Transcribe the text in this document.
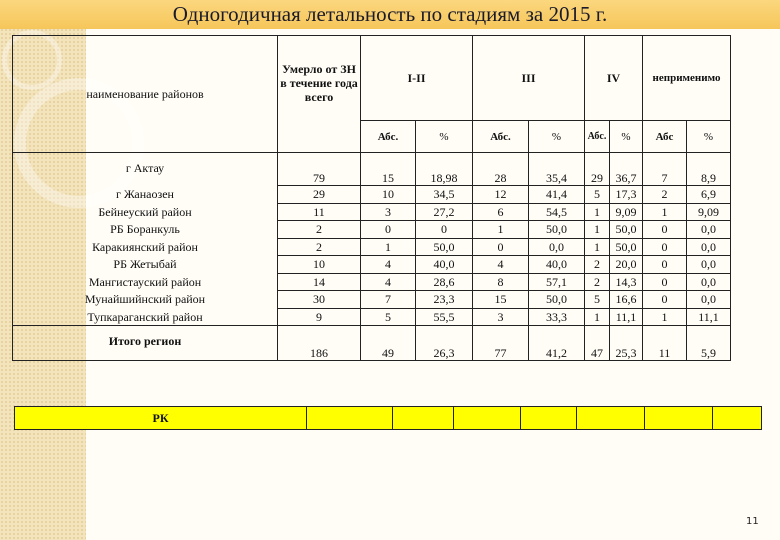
Одногодичная летальность по стадиям за 2015 г.
наименование районов	Умерло от ЗН в течение года всего	I-II		III		IV		неприменимо	
		Абс.	%	Абс.	%	Абс.	%	Абс	%
г Актау	79	15	18,98	28	35,4	29	36,7	7	8,9
г Жанаозен	29	10	34,5	12	41,4	5	17,3	2	6,9
Бейнеуский район	11	3	27,2	6	54,5	1	9,09	1	9,09
РБ Боранкуль	2	0	0	1	50,0	1	50,0	0	0,0
Каракиянский район	2	1	50,0	0	0,0	1	50,0	0	0,0
РБ Жетыбай	10	4	40,0	4	40,0	2	20,0	0	0,0
Мангистауский район	14	4	28,6	8	57,1	2	14,3	0	0,0
Мунайшийнский район	30	7	23,3	15	50,0	5	16,6	0	0,0
Тупкараганский район	9	5	55,5	3	33,3	1	11,1	1	11,1
Итого регион	186	49	26,3	77	41,2	47	25,3	11	5,9
РК							
11
